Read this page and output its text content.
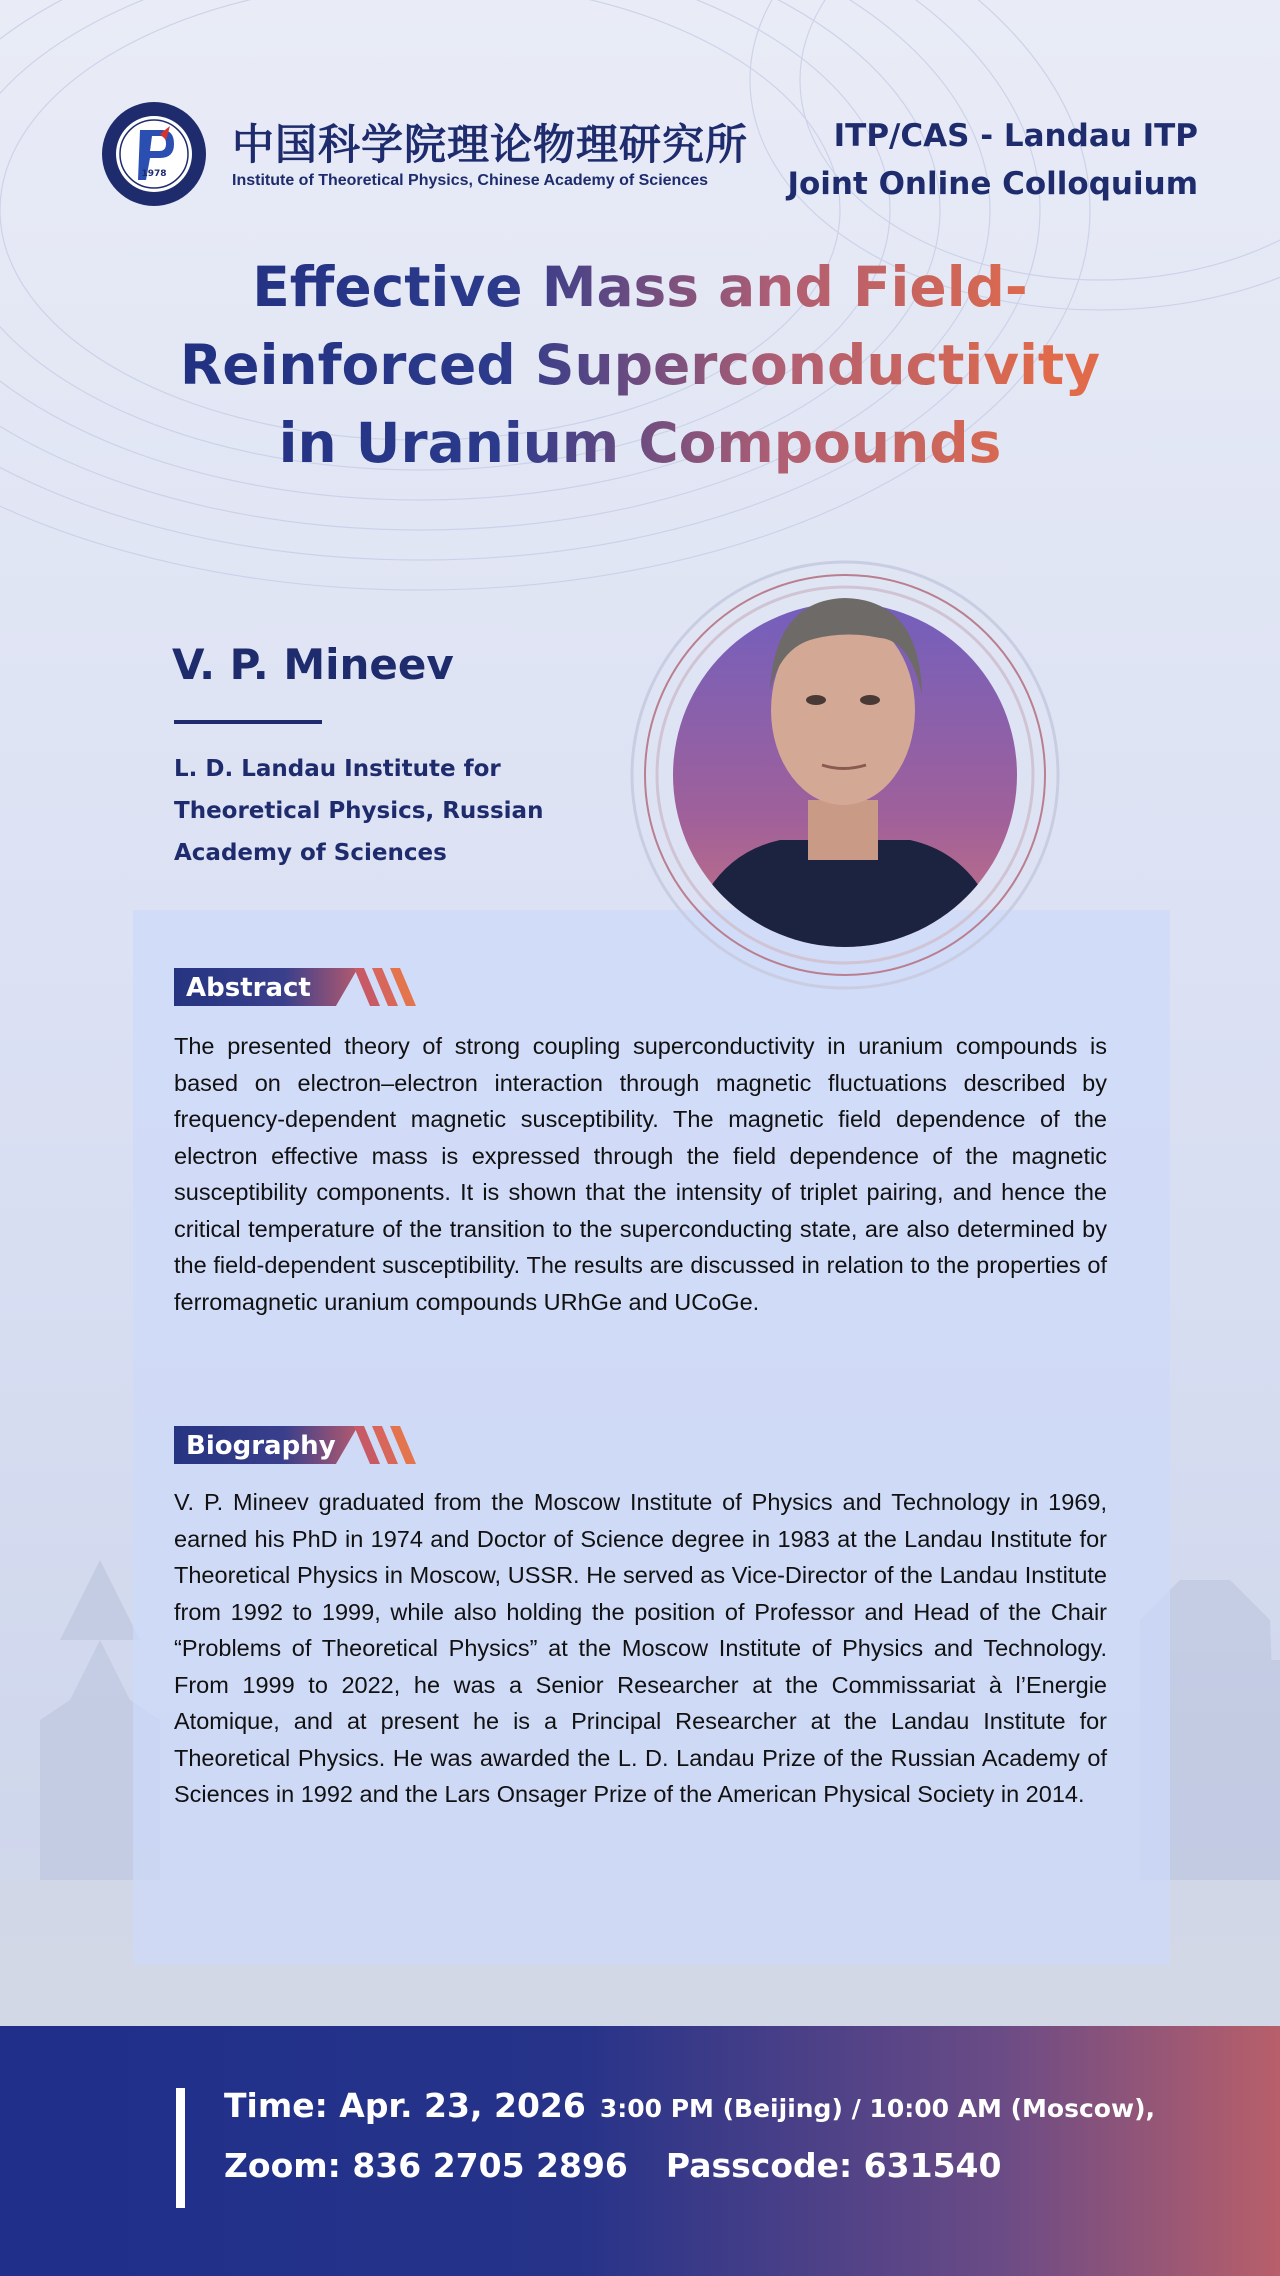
1978
中国科学院理论物理研究所
Institute of Theoretical Physics, Chinese Academy of Sciences
ITP/CAS - Landau ITP
Joint Online Colloquium
Effective Mass and Field-
Reinforced Superconductivity
in Uranium Compounds
V. P. Mineev
L. D. Landau Institute for
Theoretical Physics, Russian
Academy of Sciences
Abstract
The presented theory of strong coupling superconductivity in uranium compounds is based on electron–electron interaction through magnetic fluctuations described by frequency-dependent magnetic susceptibility. The magnetic field dependence of the electron effective mass is expressed through the field dependence of the magnetic susceptibility components. It is shown that the intensity of triplet pairing, and hence the critical temperature of the transition to the superconducting state, are also determined by the field-dependent susceptibility. The results are discussed in relation to the properties of ferromagnetic uranium compounds URhGe and UCoGe.
Biography
V. P. Mineev graduated from the Moscow Institute of Physics and Technology in 1969, earned his PhD in 1974 and Doctor of Science degree in 1983 at the Landau Institute for Theoretical Physics in Moscow, USSR. He served as Vice-Director of the Landau Institute from 1992 to 1999, while also holding the position of Professor and Head of the Chair “Problems of Theoretical Physics” at the Moscow Institute of Physics and Technology. From 1999 to 2022, he was a Senior Researcher at the Commissariat à l’Energie Atomique, and at present he is a Principal Researcher at the Landau Institute for Theoretical Physics. He was awarded the L. D. Landau Prize of the Russian Academy of Sciences in 1992 and the Lars Onsager Prize of the American Physical Society in 2014.
Time: Apr. 23, 2026 3:00 PM (Beijing) / 10:00 AM (Moscow),
Zoom: 836 2705 2896 Passcode: 631540
